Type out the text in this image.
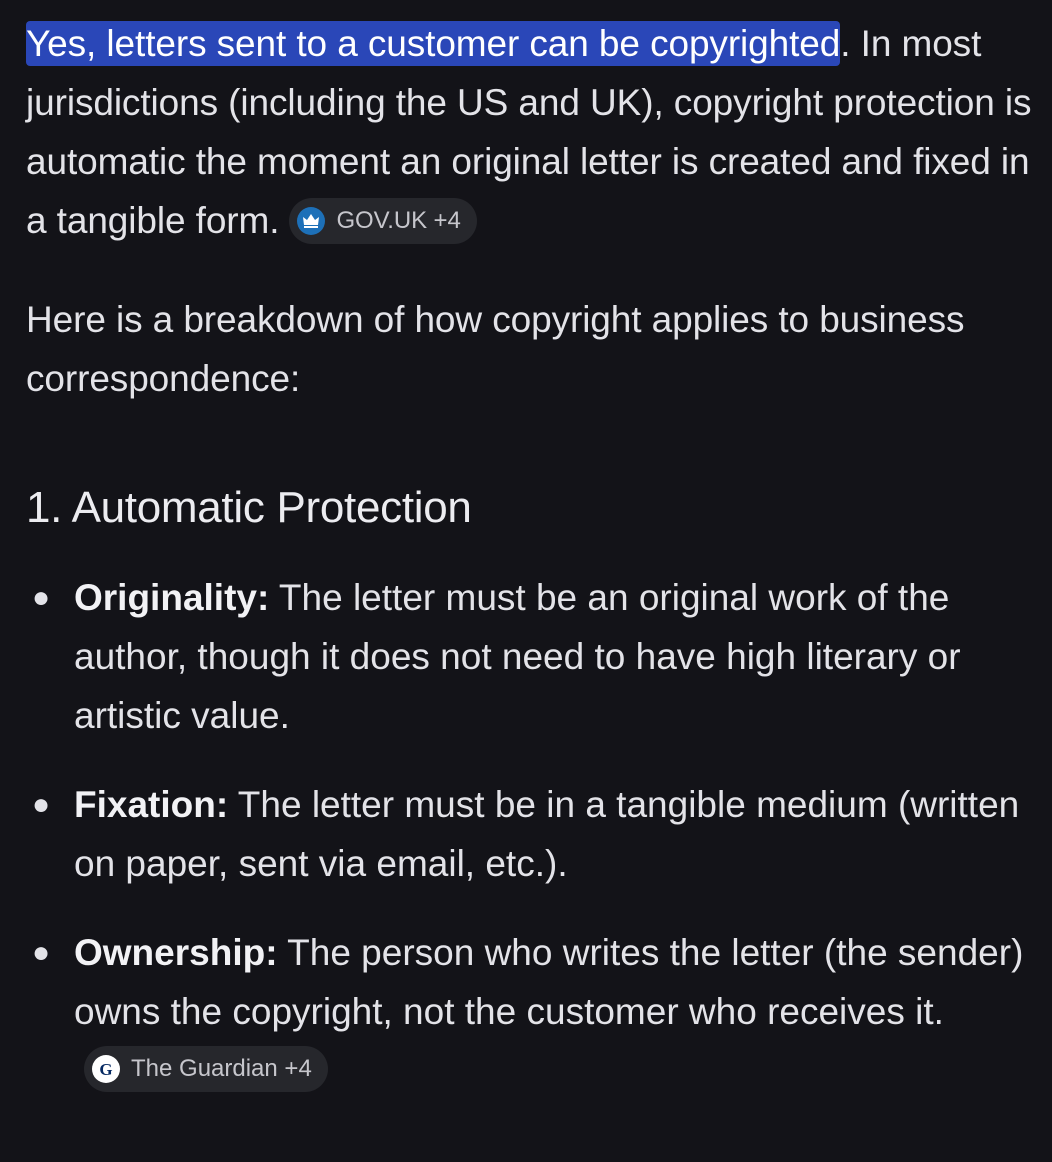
Yes, letters sent to a customer can be copyrighted. In most jurisdictions (including the US and UK), copyright protection is automatic the moment an original letter is created and fixed in a tangible form. GOV.UK +4

Here is a breakdown of how copyright applies to business correspondence:

1. Automatic Protection
● Originality: The letter must be an original work of the author, though it does not need to have high literary or artistic value.
● Fixation: The letter must be in a tangible medium (written on paper, sent via email, etc.).
● Ownership: The person who writes the letter (the sender) owns the copyright, not the customer who receives it.
G The Guardian +4
